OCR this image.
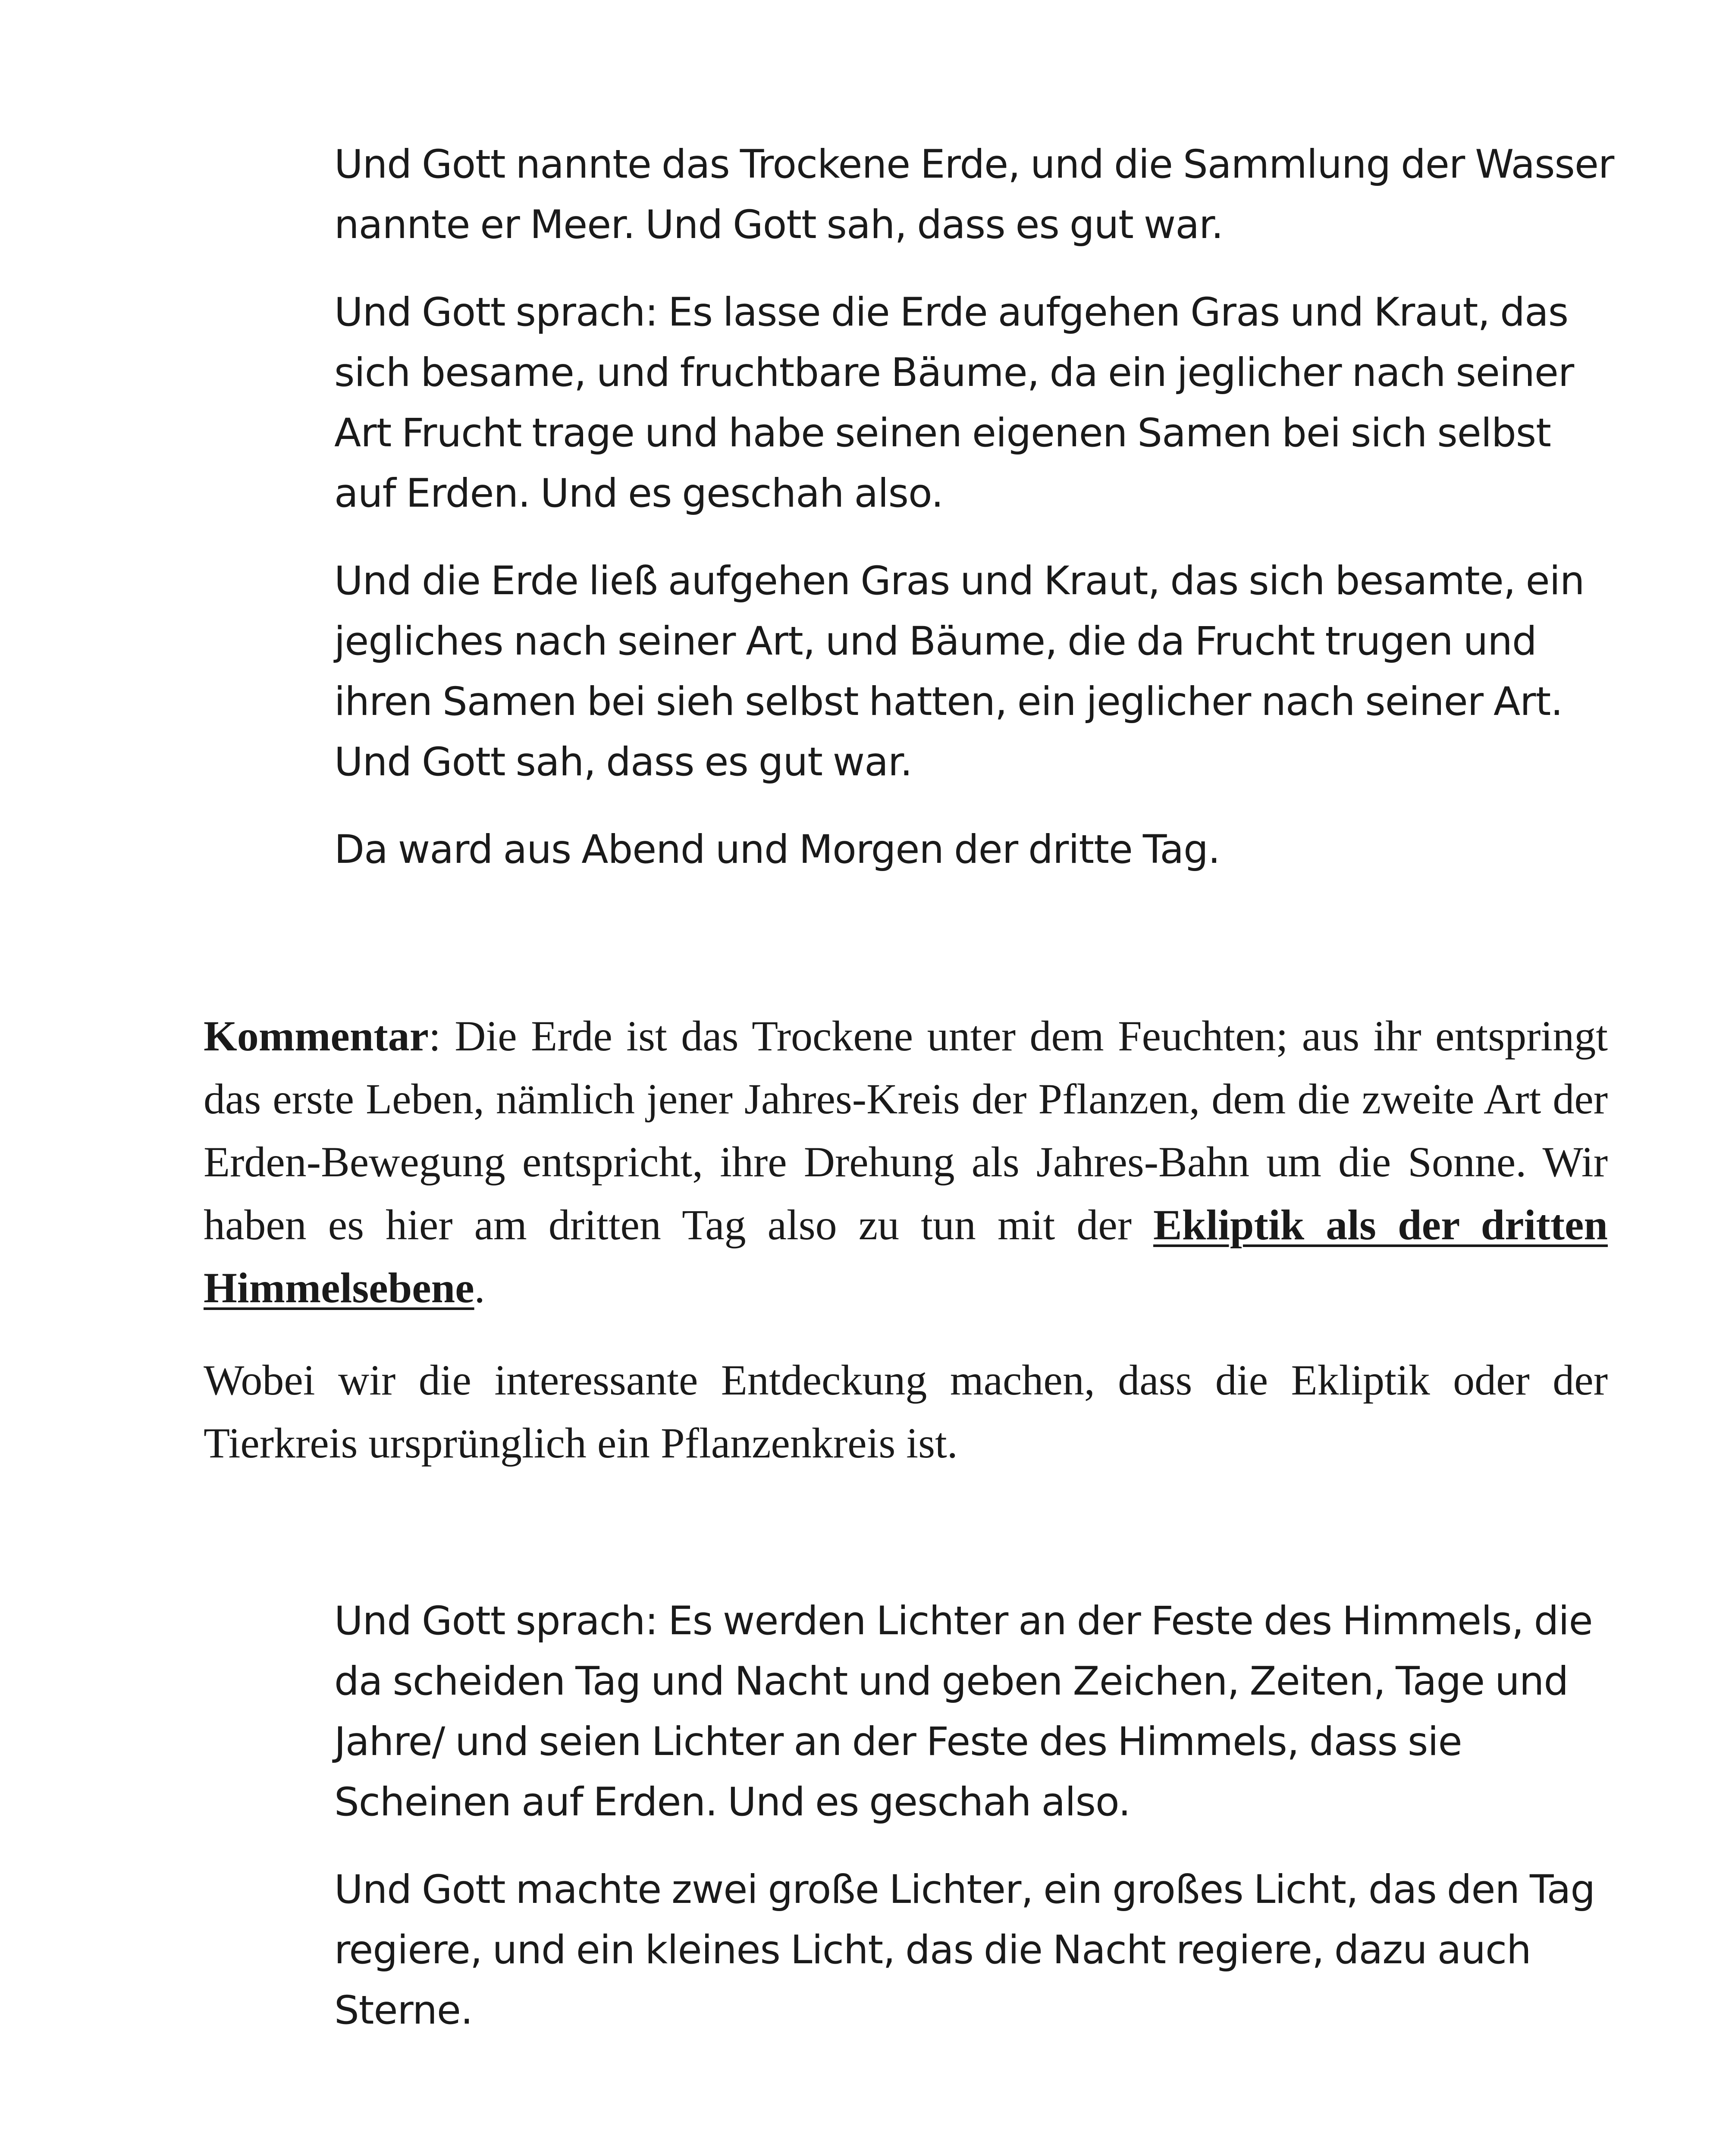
Und Gott nannte das Trockene Erde, und die Sammlung der Wasser nannte er Meer. Und Gott sah, dass es gut war.

Und Gott sprach: Es lasse die Erde aufgehen Gras und Kraut, das sich besame, und fruchtbare Bäume, da ein jeglicher nach seiner Art Frucht trage und habe seinen eigenen Samen bei sich selbst auf Erden. Und es geschah also.

Und die Erde ließ aufgehen Gras und Kraut, das sich besamte, ein jegliches nach seiner Art, und Bäume, die da Frucht trugen und ihren Samen bei sieh selbst hatten, ein jeglicher nach seiner Art. Und Gott sah, dass es gut war.

Da ward aus Abend und Morgen der dritte Tag.

Kommentar: Die Erde ist das Trockene unter dem Feuchten; aus ihr entspringt das erste Leben, nämlich jener Jahres-Kreis der Pflanzen, dem die zweite Art der Erden-Bewegung entspricht, ihre Drehung als Jahres-Bahn um die Sonne. Wir haben es hier am dritten Tag also zu tun mit der Ekliptik als der dritten Himmelsebene.

Wobei wir die interessante Entdeckung machen, dass die Ekliptik oder der Tierkreis ursprünglich ein Pflanzenkreis ist.

Und Gott sprach: Es werden Lichter an der Feste des Himmels, die da scheiden Tag und Nacht und geben Zeichen, Zeiten, Tage und Jahre/ und seien Lichter an der Feste des Himmels, dass sie Scheinen auf Erden. Und es geschah also.

Und Gott machte zwei große Lichter, ein großes Licht, das den Tag regiere, und ein kleines Licht, das die Nacht regiere, dazu auch Sterne.
